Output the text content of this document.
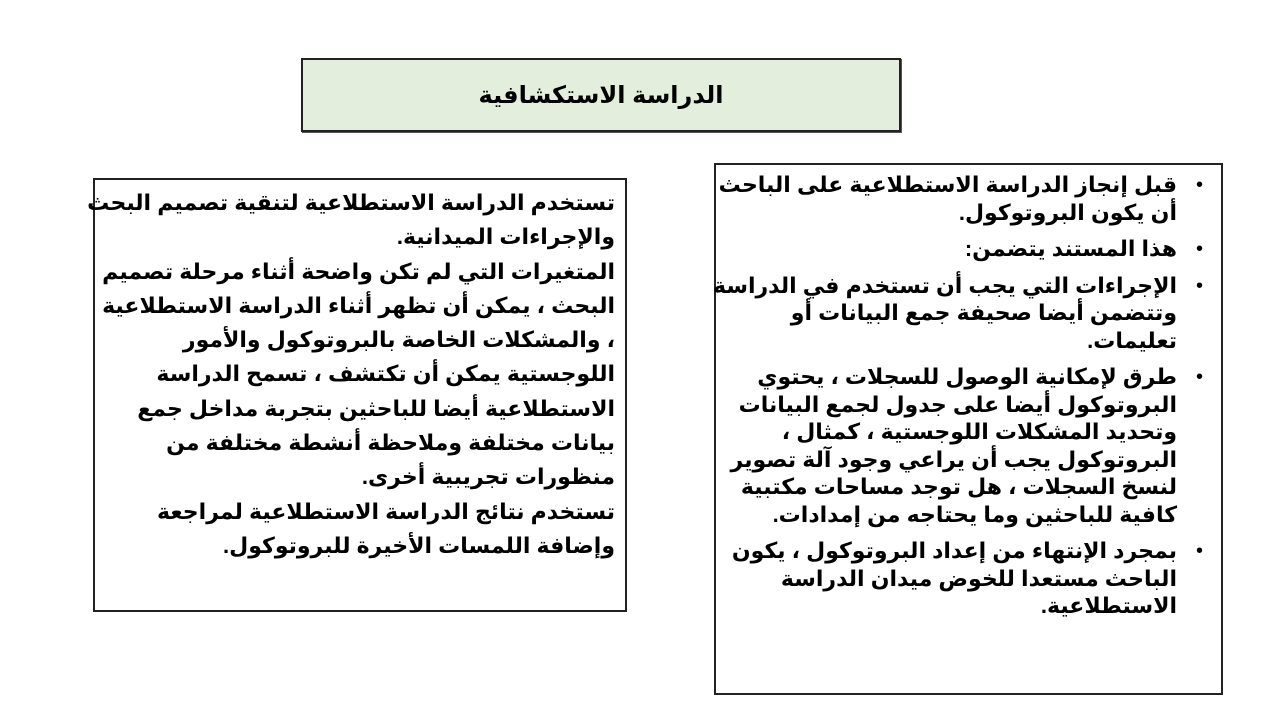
الدراسة الاستكشافية
تستخدم الدراسة الاستطلاعية لتنقية تصميم البحث
والإجراءات الميدانية.
المتغيرات التي لم تكن واضحة أثناء مرحلة تصميم
البحث ، يمكن أن تظهر أثناء الدراسة الاستطلاعية
، والمشكلات الخاصة بالبروتوكول والأمور
اللوجستية يمكن أن تكتشف ، تسمح الدراسة
الاستطلاعية أيضا للباحثين بتجربة مداخل جمع
بيانات مختلفة وملاحظة أنشطة مختلفة من
منظورات تجريبية أخرى.
تستخدم نتائج الدراسة الاستطلاعية لمراجعة
وإضافة اللمسات الأخيرة للبروتوكول.
•
قبل إنجاز الدراسة الاستطلاعية على الباحث
أن يكون البروتوكول.
•
هذا المستند يتضمن:
•
الإجراءات التي يجب أن تستخدم في الدراسة
وتتضمن أيضا صحيفة جمع البيانات أو
تعليمات.
•
طرق لإمكانية الوصول للسجلات ، يحتوي
البروتوكول أيضا على جدول لجمع البيانات
وتحديد المشكلات اللوجستية ، كمثال ،
البروتوكول يجب أن يراعي وجود آلة تصوير
لنسخ السجلات ، هل توجد مساحات مكتبية
كافية للباحثين وما يحتاجه من إمدادات.
•
بمجرد الإنتهاء من إعداد البروتوكول ، يكون
الباحث مستعدا للخوض ميدان الدراسة
الاستطلاعية.
